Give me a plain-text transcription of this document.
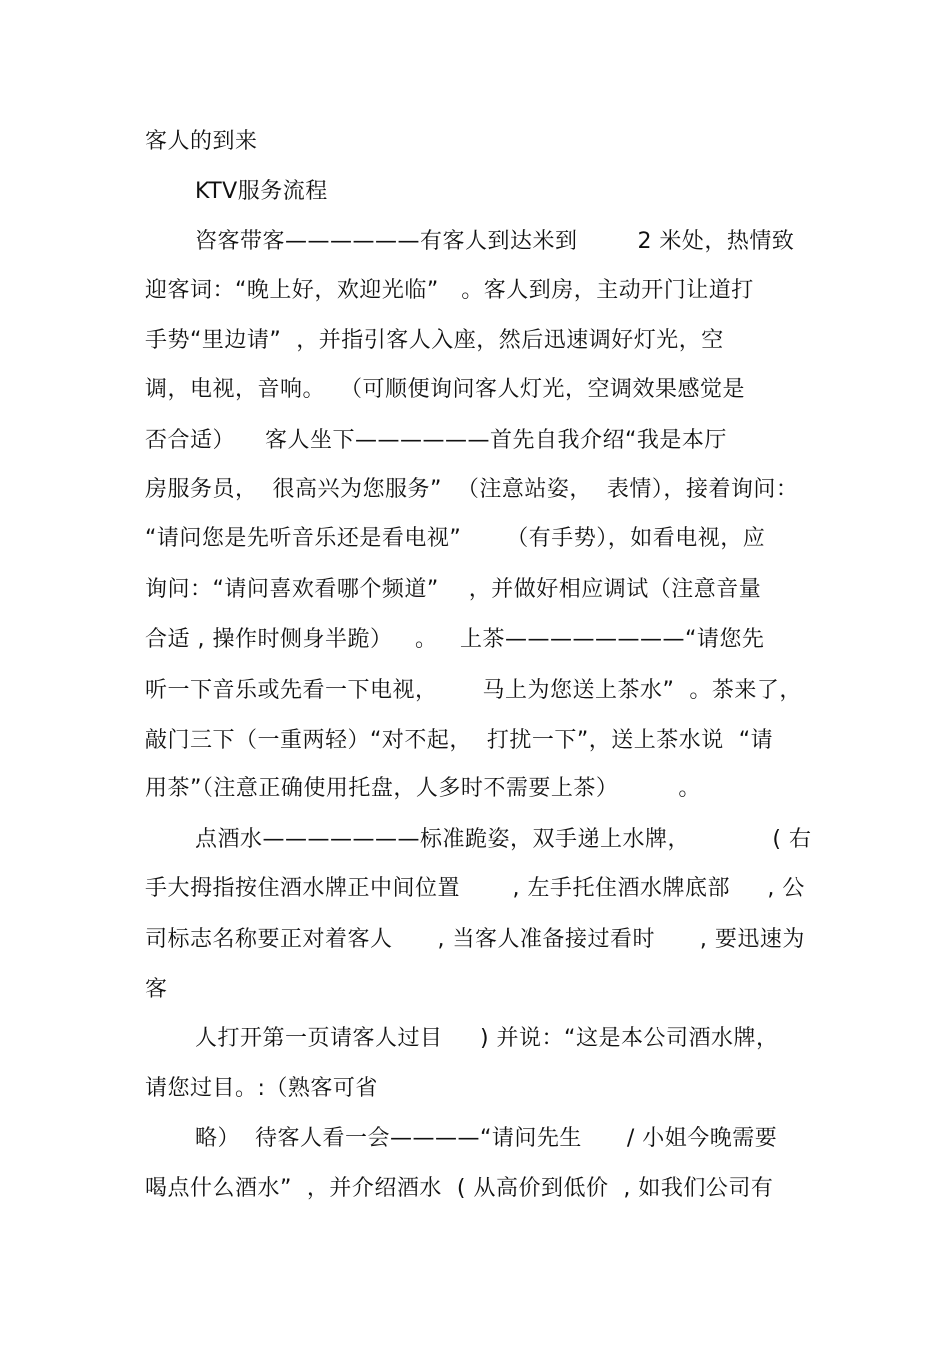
客人的到来
KTV服务流程
咨客带客——————有客人到达米到        2 米处，热情致
迎客词：“晚上好，欢迎光临”   。客人到房，主动开门让道打
手势“里边请”  ，并指引客人入座，然后迅速调好灯光，空
调，电视，音响。  （可顺便询问客人灯光，空调效果感觉是
否合适）    客人坐下——————首先自我介绍“我是本厅
房服务员，  很高兴为您服务”  （注意站姿，  表情），接着询问：
“请问您是先听音乐还是看电视”      （有手势），如看电视，应
询问：“请问喜欢看哪个频道”    ，并做好相应调试（注意音量
合适 , 操作时侧身半跪）   。   上茶————————“请您先
听一下音乐或先看一下电视，      马上为您送上茶水”  。茶来了，
敲门三下（一重两轻）“对不起，  打扰一下”，送上茶水说  “请
用茶”（注意正确使用托盘，人多时不需要上茶）        。
点酒水———————标准跪姿，双手递上水牌，           ( 右
手大拇指按住酒水牌正中间位置       , 左手托住酒水牌底部     , 公
司标志名称要正对着客人      , 当客人准备接过看时      , 要迅速为
客
人打开第一页请客人过目     ) 并说：“这是本公司酒水牌，
请您过目。:（熟客可省
略）  待客人看一会————“请问先生      / 小姐今晚需要
喝点什么酒水”  ，并介绍酒水  ( 从高价到低价  , 如我们公司有
